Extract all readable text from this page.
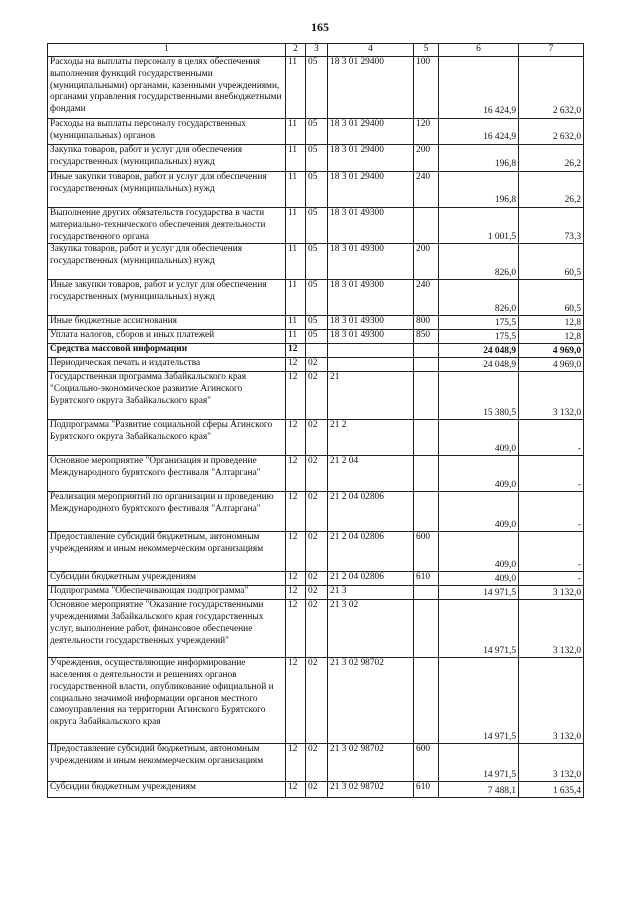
165
1	2	3	4	5	6	7
Расходы на выплаты персоналу в целях обеспечения выполнения функций государственными (муниципальными) органами, казенными учреждениями, органами управления государственными внебюджетными фондами	11	05	18 3 01 29400	100	16 424,9	2 632,0
Расходы на выплаты персоналу государственных (муниципальных) органов	11	05	18 3 01 29400	120	16 424,9	2 632,0
Закупка товаров, работ и услуг для обеспечения государственных (муниципальных) нужд	11	05	18 3 01 29400	200	196,8	26,2
Иные закупки товаров, работ и услуг для обеспечения государственных (муниципальных) нужд	11	05	18 3 01 29400	240	196,8	26,2
Выполнение других обязательств государства в части материально-технического обеспечения деятельности государственного органа	11	05	18 3 01 49300		1 001,5	73,3
Закупка товаров, работ и услуг для обеспечения государственных (муниципальных) нужд	11	05	18 3 01 49300	200	826,0	60,5
Иные закупки товаров, работ и услуг для обеспечения государственных (муниципальных) нужд	11	05	18 3 01 49300	240	826,0	60,5
Иные бюджетные ассигнования	11	05	18 3 01 49300	800	175,5	12,8
Уплата налогов, сборов и иных платежей	11	05	18 3 01 49300	850	175,5	12,8
Средства массовой информации	12				24 048,9	4 969,0
Периодическая печать и издательства	12	02			24 048,9	4 969,0
Государственная программа Забайкальского края "Социально-экономическое развитие Агинского Бурятского округа Забайкальского края"	12	02	21		15 380,5	3 132,0
Подпрограмма "Развитие социальной сферы Агинского Бурятского округа Забайкальского края"	12	02	21 2		409,0	-
Основное мероприятие "Организация и проведение Международного бурятского фестиваля "Алтаргана"	12	02	21 2 04		409,0	-
Реализация мероприятий по организации и проведению Международного бурятского фестиваля "Алтаргана"	12	02	21 2 04 02806		409,0	-
Предоставление субсидий бюджетным, автономным учреждениям и иным некоммерческим организациям	12	02	21 2 04 02806	600	409,0	-
Субсидии бюджетным учреждениям	12	02	21 2 04 02806	610	409,0	-
Подпрограмма "Обеспечивающая подпрограмма"	12	02	21 3		14 971,5	3 132,0
Основное мероприятие "Оказание государственными учреждениями Забайкальского края государственных услуг, выполнение работ, финансовое обеспечение деятельности государственных учреждений"	12	02	21 3 02		14 971,5	3 132,0
Учреждения, осуществляющие информирование населения о деятельности и решениях органов государственной власти, опубликование официальной и социально значимой информации органов местного самоуправления на территории Агинского Бурятского округа Забайкальского края	12	02	21 3 02 98702		14 971,5	3 132,0
Предоставление субсидий бюджетным, автономным учреждениям и иным некоммерческим организациям	12	02	21 3 02 98702	600	14 971,5	3 132,0
Субсидии бюджетным учреждениям	12	02	21 3 02 98702	610	7 488,1	1 635,4
